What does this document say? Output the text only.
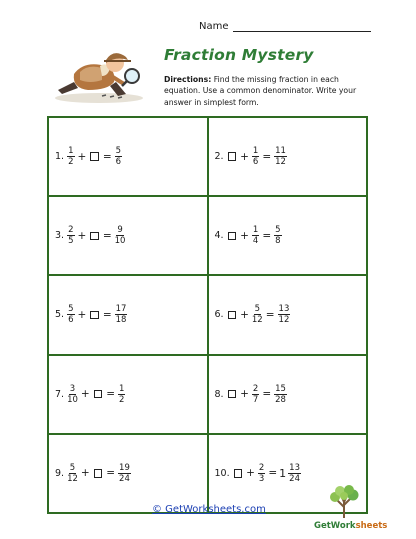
Name
Fraction Mystery
Directions: Find the missing fraction in each equation. Use a common denominator. Write your answer in simplest form.
1. $\frac{1}{2}$ + = $\frac{5}{6}$	2. + $\frac{1}{6} = \frac{11}{12}$
3. $\frac{2}{5}$ + = $\frac{9}{10}$	4. + $\frac{1}{4} = \frac{5}{8}$
5. $\frac{5}{6}$ + = $\frac{17}{18}$	6. + $\frac{5}{12} = \frac{13}{12}$
7. $\frac{3}{10}$ + = $\frac{1}{2}$	8. + $\frac{2}{7} = \frac{15}{28}$
9. $\frac{5}{12}$ + = $\frac{19}{24}$	10. + $\frac{2}{3} = 1 \frac{13}{24}$
© GetWorksheets.com
GetWorksheets
